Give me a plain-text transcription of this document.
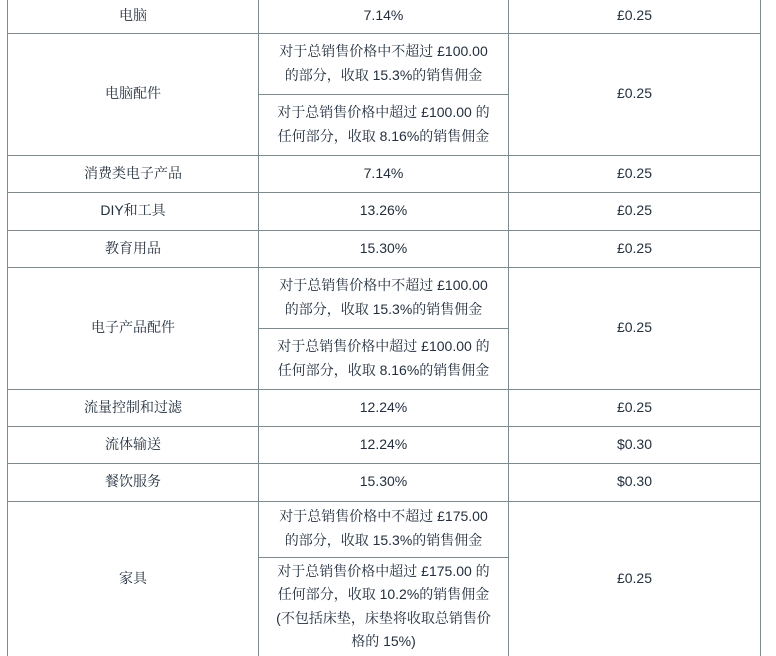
电脑	7.14%	£0.25
电脑配件	对于总销售价格中不超过 £100.00 的部分，收取 15.3%的销售佣金	£0.25
	对于总销售价格中超过 £100.00 的任何部分，收取 8.16%的销售佣金	
消费类电子产品	7.14%	£0.25
DIY和工具	13.26%	£0.25
教育用品	15.30%	£0.25
电子产品配件	对于总销售价格中不超过 £100.00 的部分，收取 15.3%的销售佣金	£0.25
	对于总销售价格中超过 £100.00 的任何部分，收取 8.16%的销售佣金	
流量控制和过滤	12.24%	£0.25
流体输送	12.24%	$0.30
餐饮服务	15.30%	$0.30
家具	对于总销售价格中不超过 £175.00 的部分，收取 15.3%的销售佣金	£0.25
	对于总销售价格中超过 £175.00 的任何部分，收取 10.2%的销售佣金 (不包括床垫，床垫将收取总销售价格的 15%)	
